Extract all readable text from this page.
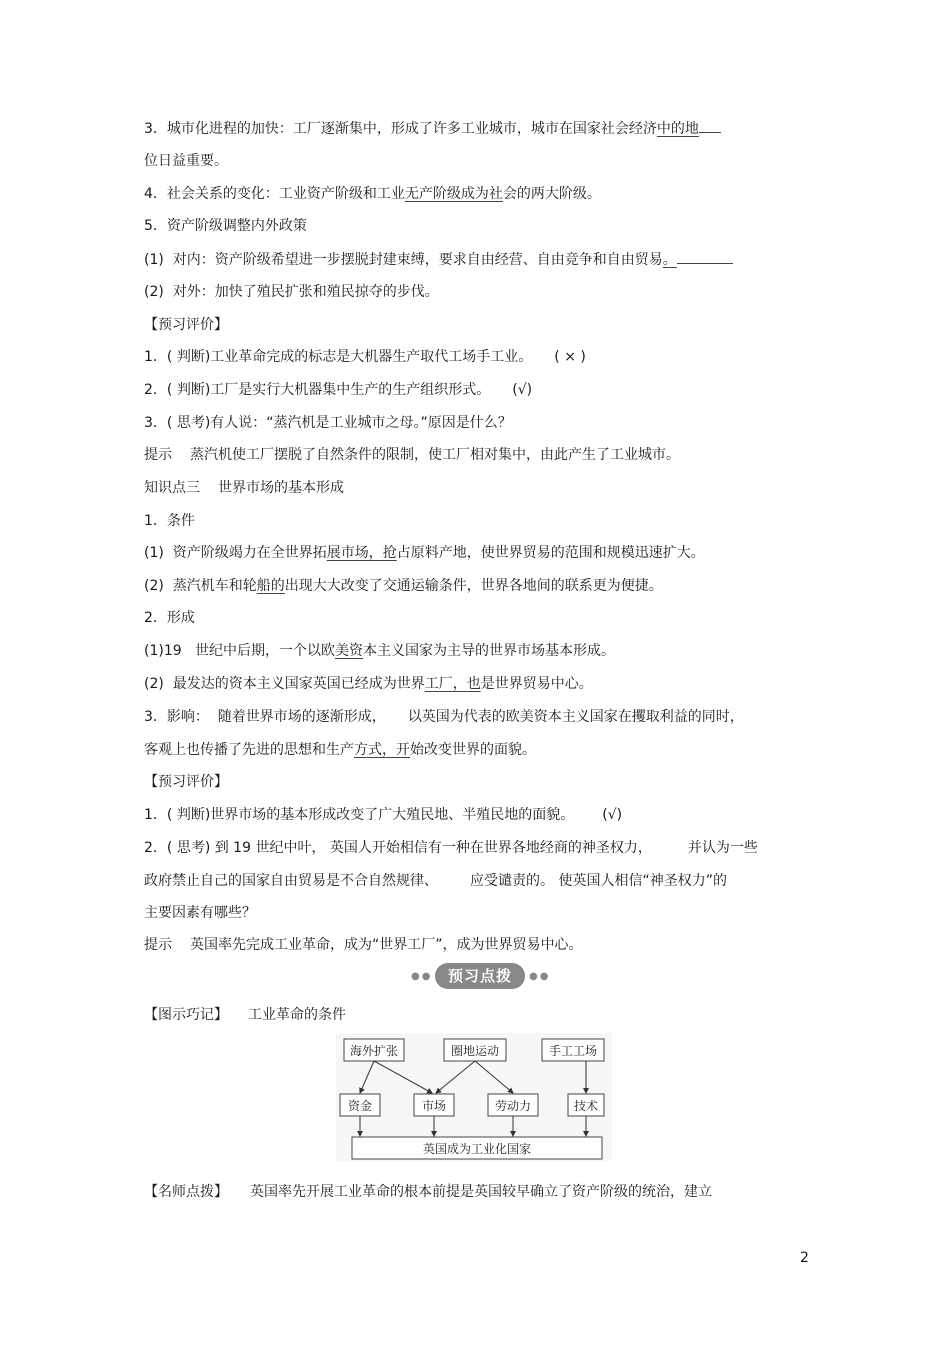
3．城市化进程的加快：工厂逐渐集中，形成了许多工业城市，城市在国家社会经济中的地
位日益重要。
4．社会关系的变化：工业资产阶级和工业无产阶级成为社会的两大阶级。
5．资产阶级调整内外政策
(1)  对内：资产阶级希望进一步摆脱封建束缚，要求自由经营、自由竞争和自由贸易。
(2)  对外：加快了殖民扩张和殖民掠夺的步伐。
【预习评价】
1．( 判断)工业革命完成的标志是大机器生产取代工场手工业。 ( × )
2．( 判断)工厂是实行大机器集中生产的生产组织形式。 (√)
3．( 思考)有人说：“蒸汽机是工业城市之母。”原因是什么？
提示 蒸汽机使工厂摆脱了自然条件的限制，使工厂相对集中，由此产生了工业城市。
知识点三 世界市场的基本形成
1．条件
(1)  资产阶级竭力在全世界拓展市场，抢占原料产地，使世界贸易的范围和规模迅速扩大。
(2)  蒸汽机车和轮船的出现大大改变了交通运输条件，世界各地间的联系更为便捷。
2．形成
(1)19   世纪中后期，一个以欧美资本主义国家为主导的世界市场基本形成。
(2)  最发达的资本主义国家英国已经成为世界工厂，也是世界贸易中心。
3．影响：  随着世界市场的逐渐形成， 以英国为代表的欧美资本主义国家在攫取利益的同时，
客观上也传播了先进的思想和生产方式，开始改变世界的面貌。
【预习评价】
1．( 判断)世界市场的基本形成改变了广大殖民地、半殖民地的面貌。 (√)
2．( 思考) 到 19 世纪中叶， 英国人开始相信有一种在世界各地经商的神圣权力，	并认为一些
政府禁止自己的国家自由贸易是不合自然规律、 应受谴责的。 使英国人相信“神圣权力”的
主要因素有哪些？
提示 英国率先完成工业革命，成为“世界工厂”，成为世界贸易中心。
●●	预习点拨	●●
【图示巧记】 工业革命的条件
海外扩张	圈地运动	手工工场
资金	市场	劳动力	技术
英国成为工业化国家
【名师点拨】 英国率先开展工业革命的根本前提是英国较早确立了资产阶级的统治，建立
2
